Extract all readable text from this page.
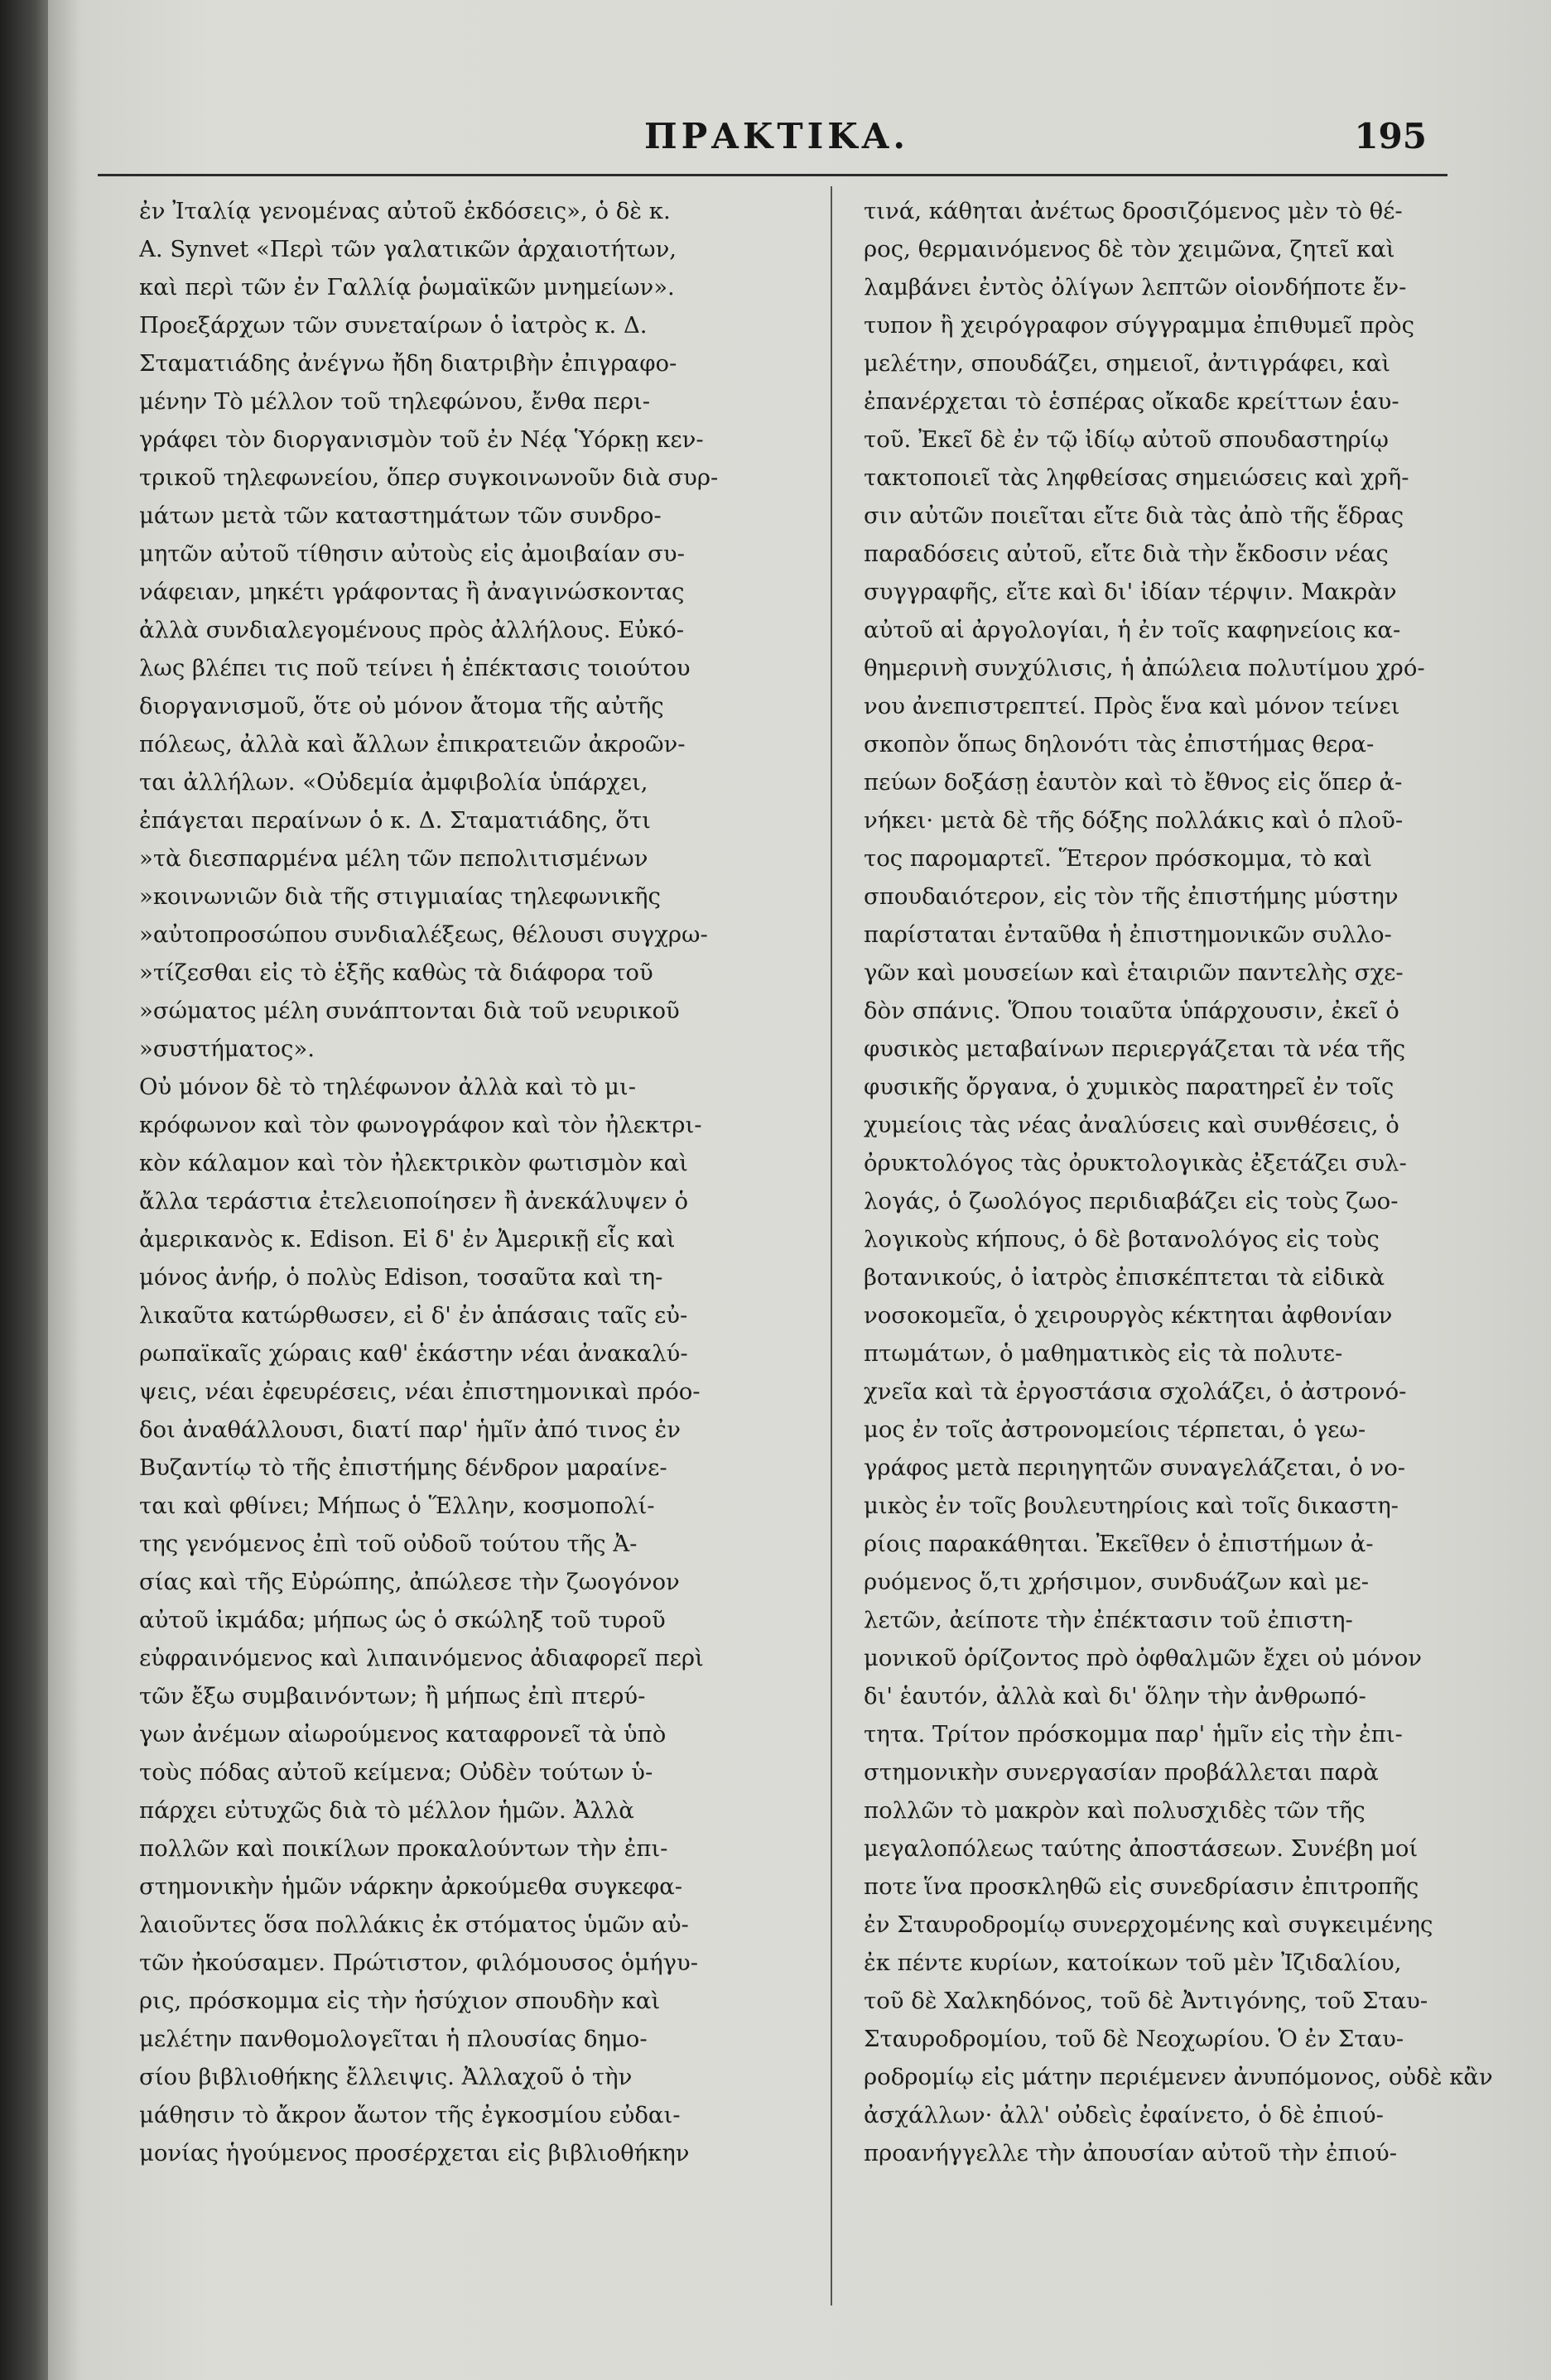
ΠΡΑΚΤΙΚΑ.	195
ἐν Ἰταλίᾳ γενομένας αὐτοῦ ἐκδόσεις», ὁ δὲ κ.
A. Synvet «Περὶ τῶν γαλατικῶν ἀρχαιοτήτων,
καὶ περὶ τῶν ἐν Γαλλίᾳ ῥωμαϊκῶν μνημείων».
Προεξάρχων τῶν συνεταίρων ὁ ἰατρὸς κ. Δ.
Σταματιάδης ἀνέγνω ἤδη διατριβὴν ἐπιγραφο-
μένην Τὸ μέλλον τοῦ τηλεφώνου, ἔνθα περι-
γράφει τὸν διοργανισμὸν τοῦ ἐν Νέᾳ Ὑόρκῃ κεν-
τρικοῦ τηλεφωνείου, ὅπερ συγκοινωνοῦν διὰ συρ-
μάτων μετὰ τῶν καταστημάτων τῶν συνδρο-
μητῶν αὐτοῦ τίθησιν αὐτοὺς εἰς ἀμοιβαίαν συ-
νάφειαν, μηκέτι γράφοντας ἢ ἀναγινώσκοντας
ἀλλὰ συνδιαλεγομένους πρὸς ἀλλήλους. Εὐκό-
λως βλέπει τις ποῦ τείνει ἡ ἐπέκτασις τοιούτου
διοργανισμοῦ, ὅτε οὐ μόνον ἄτομα τῆς αὐτῆς
πόλεως, ἀλλὰ καὶ ἄλλων ἐπικρατειῶν ἀκροῶν-
ται ἀλλήλων. «Οὐδεμία ἀμφιβολία ὑπάρχει,
ἐπάγεται περαίνων ὁ κ. Δ. Σταματιάδης, ὅτι
»τὰ διεσπαρμένα μέλη τῶν πεπολιτισμένων
»κοινωνιῶν διὰ τῆς στιγμιαίας τηλεφωνικῆς
»αὐτοπροσώπου συνδιαλέξεως, θέλουσι συγχρω-
»τίζεσθαι εἰς τὸ ἑξῆς καθὼς τὰ διάφορα τοῦ
»σώματος μέλη συνάπτονται διὰ τοῦ νευρικοῦ
»συστήματος».
Οὐ μόνον δὲ τὸ τηλέφωνον ἀλλὰ καὶ τὸ μι-
κρόφωνον καὶ τὸν φωνογράφον καὶ τὸν ἠλεκτρι-
κὸν κάλαμον καὶ τὸν ἠλεκτρικὸν φωτισμὸν καὶ
ἄλλα τεράστια ἐτελειοποίησεν ἢ ἀνεκάλυψεν ὁ
ἀμερικανὸς κ. Edison. Εἰ δ' ἐν Ἀμερικῇ εἷς καὶ
μόνος ἀνήρ, ὁ πολὺς Edison, τοσαῦτα καὶ τη-
λικαῦτα κατώρθωσεν, εἰ δ' ἐν ἁπάσαις ταῖς εὐ-
ρωπαϊκαῖς χώραις καθ' ἑκάστην νέαι ἀνακαλύ-
ψεις, νέαι ἐφευρέσεις, νέαι ἐπιστημονικαὶ πρόο-
δοι ἀναθάλλουσι, διατί παρ' ἡμῖν ἀπό τινος ἐν
Βυζαντίῳ τὸ τῆς ἐπιστήμης δένδρον μαραίνε-
ται καὶ φθίνει; Μήπως ὁ Ἕλλην, κοσμοπολί-
της γενόμενος ἐπὶ τοῦ οὐδοῦ τούτου τῆς Ἀ-
σίας καὶ τῆς Εὐρώπης, ἀπώλεσε τὴν ζωογόνον
αὐτοῦ ἰκμάδα; μήπως ὡς ὁ σκώληξ τοῦ τυροῦ
εὐφραινόμενος καὶ λιπαινόμενος ἀδιαφορεῖ περὶ
τῶν ἔξω συμβαινόντων; ἢ μήπως ἐπὶ πτερύ-
γων ἀνέμων αἰωρούμενος καταφρονεῖ τὰ ὑπὸ
τοὺς πόδας αὐτοῦ κείμενα; Οὐδὲν τούτων ὑ-
πάρχει εὐτυχῶς διὰ τὸ μέλλον ἡμῶν. Ἀλλὰ
πολλῶν καὶ ποικίλων προκαλούντων τὴν ἐπι-
στημονικὴν ἡμῶν νάρκην ἀρκούμεθα συγκεφα-
λαιοῦντες ὅσα πολλάκις ἐκ στόματος ὑμῶν αὐ-
τῶν ἠκούσαμεν. Πρώτιστον, φιλόμουσος ὁμήγυ-
ρις, πρόσκομμα εἰς τὴν ἡσύχιον σπουδὴν καὶ
μελέτην πανθομολογεῖται ἡ πλουσίας δημο-
σίου βιβλιοθήκης ἔλλειψις. Ἀλλαχοῦ ὁ τὴν
μάθησιν τὸ ἄκρον ἄωτον τῆς ἐγκοσμίου εὐδαι-
μονίας ἡγούμενος προσέρχεται εἰς βιβλιοθήκην
τινά, κάθηται ἀνέτως δροσιζόμενος μὲν τὸ θέ-
ρος, θερμαινόμενος δὲ τὸν χειμῶνα, ζητεῖ καὶ
λαμβάνει ἐντὸς ὀλίγων λεπτῶν οἱονδήποτε ἔν-
τυπον ἢ χειρόγραφον σύγγραμμα ἐπιθυμεῖ πρὸς
μελέτην, σπουδάζει, σημειοῖ, ἀντιγράφει, καὶ
ἐπανέρχεται τὸ ἑσπέρας οἴκαδε κρείττων ἑαυ-
τοῦ. Ἐκεῖ δὲ ἐν τῷ ἰδίῳ αὐτοῦ σπουδαστηρίῳ
τακτοποιεῖ τὰς ληφθείσας σημειώσεις καὶ χρῆ-
σιν αὐτῶν ποιεῖται εἴτε διὰ τὰς ἀπὸ τῆς ἕδρας
παραδόσεις αὐτοῦ, εἴτε διὰ τὴν ἔκδοσιν νέας
συγγραφῆς, εἴτε καὶ δι' ἰδίαν τέρψιν. Μακρὰν
αὐτοῦ αἱ ἀργολογίαι, ἡ ἐν τοῖς καφηνείοις κα-
θημερινὴ συνχύλισις, ἡ ἀπώλεια πολυτίμου χρό-
νου ἀνεπιστρεπτεί. Πρὸς ἕνα καὶ μόνον τείνει
σκοπὸν ὅπως δηλονότι τὰς ἐπιστήμας θερα-
πεύων δοξάσῃ ἑαυτὸν καὶ τὸ ἔθνος εἰς ὅπερ ἀ-
νήκει· μετὰ δὲ τῆς δόξης πολλάκις καὶ ὁ πλοῦ-
τος παρομαρτεῖ. Ἕτερον πρόσκομμα, τὸ καὶ
σπουδαιότερον, εἰς τὸν τῆς ἐπιστήμης μύστην
παρίσταται ἐνταῦθα ἡ ἐπιστημονικῶν συλλο-
γῶν καὶ μουσείων καὶ ἑταιριῶν παντελὴς σχε-
δὸν σπάνις. Ὅπου τοιαῦτα ὑπάρχουσιν, ἐκεῖ ὁ
φυσικὸς μεταβαίνων περιεργάζεται τὰ νέα τῆς
φυσικῆς ὄργανα, ὁ χυμικὸς παρατηρεῖ ἐν τοῖς
χυμείοις τὰς νέας ἀναλύσεις καὶ συνθέσεις, ὁ
ὀρυκτολόγος τὰς ὀρυκτολογικὰς ἐξετάζει συλ-
λογάς, ὁ ζωολόγος περιδιαβάζει εἰς τοὺς ζωο-
λογικοὺς κήπους, ὁ δὲ βοτανολόγος εἰς τοὺς
βοτανικούς, ὁ ἰατρὸς ἐπισκέπτεται τὰ εἰδικὰ
νοσοκομεῖα, ὁ χειρουργὸς κέκτηται ἀφθονίαν
πτωμάτων, ὁ μαθηματικὸς εἰς τὰ πολυτε-
χνεῖα καὶ τὰ ἐργοστάσια σχολάζει, ὁ ἀστρονό-
μος ἐν τοῖς ἀστρονομείοις τέρπεται, ὁ γεω-
γράφος μετὰ περιηγητῶν συναγελάζεται, ὁ νο-
μικὸς ἐν τοῖς βουλευτηρίοις καὶ τοῖς δικαστη-
ρίοις παρακάθηται. Ἐκεῖθεν ὁ ἐπιστήμων ἀ-
ρυόμενος ὅ,τι χρήσιμον, συνδυάζων καὶ με-
λετῶν, ἀείποτε τὴν ἐπέκτασιν τοῦ ἐπιστη-
μονικοῦ ὁρίζοντος πρὸ ὀφθαλμῶν ἔχει οὐ μόνον
δι' ἑαυτόν, ἀλλὰ καὶ δι' ὅλην τὴν ἀνθρωπό-
τητα. Τρίτον πρόσκομμα παρ' ἡμῖν εἰς τὴν ἐπι-
στημονικὴν συνεργασίαν προβάλλεται παρὰ
πολλῶν τὸ μακρὸν καὶ πολυσχιδὲς τῶν τῆς
μεγαλοπόλεως ταύτης ἀποστάσεων. Συνέβη μοί
ποτε ἵνα προσκληθῶ εἰς συνεδρίασιν ἐπιτροπῆς
ἐν Σταυροδρομίῳ συνερχομένης καὶ συγκειμένης
ἐκ πέντε κυρίων, κατοίκων τοῦ μὲν Ἰζιδαλίου,
τοῦ δὲ Χαλκηδόνος, τοῦ δὲ Ἀντιγόνης, τοῦ Σταυ-
Σταυροδρομίου, τοῦ δὲ Νεοχωρίου. Ὁ ἐν Σταυ-
ροδρομίῳ εἰς μάτην περιέμενεν ἀνυπόμονος, οὐδὲ κἂν
ἀσχάλλων· ἀλλ' οὐδεὶς ἐφαίνετο, ὁ δὲ ἐπιού-
προανήγγελλε τὴν ἀπουσίαν αὐτοῦ τὴν ἐπιού-
